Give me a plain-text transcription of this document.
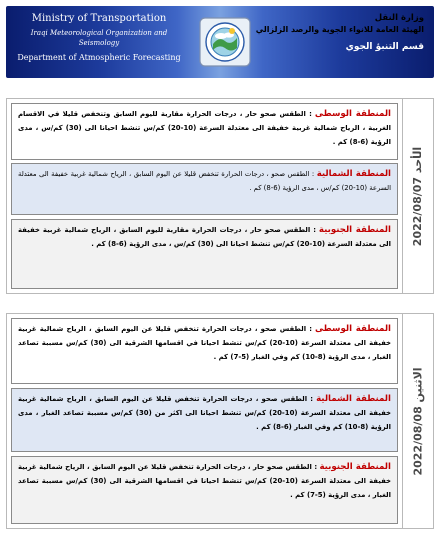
Ministry of Transportation
Iraqi Meteorological Organization and Seismology
Department of Atmospheric Forecasting
وزارة النقل
الهيئة العامة للانواء الجوية والرصد الزلزالي
قسم التنبؤ الجوي
الأحد 2022/08/07
المنطقة الوسطى : الطقس صحو حار ، درجات الحرارة مقاربة لليوم السابق وتنخفض قليلا في الاقسام الغربية ، الرياح شمالية غربية خفيفة الى معتدلة السرعة (10-20) كم/س تنشط احيانا الى (30) كم/س ، مدى الرؤية (6-8) كم .
المنطقة الشمالية : الطقس صحو ، درجات الحرارة تنخفض قليلا عن اليوم السابق ، الرياح شمالية غربية خفيفة الى معتدلة السرعة (10-20) كم/س ، مدى الرؤية (6-8) كم .
المنطقة الجنوبية : الطقس صحو حار ، درجات الحرارة مقاربة لليوم السابق ، الرياح شمالية غربية خفيفة الى معتدلة السرعة (10-20) كم/س تنشط احيانا الى (30) كم/س ، مدى الرؤية (6-8) كم .
الاثنين 2022/08/08
المنطقة الوسطى : الطقس صحو ، درجات الحرارة تنخفض قليلا عن اليوم السابق ، الرياح شمالية غربية خفيفة الى معتدلة السرعة (10-20) كم/س تنشط احيانا في اقسامها الشرقية الى (30) كم/س مسببة تصاعد الغبار ، مدى الرؤية (8-10) كم وفي الغبار (5-7) كم .
المنطقة الشمالية : الطقس صحو ، درجات الحرارة تنخفض قليلا عن اليوم السابق ، الرياح شمالية غربية خفيفة الى معتدلة السرعة (10-20) كم/س تنشط احيانا الى اكثر من (30) كم/س مسببة تصاعد الغبار ، مدى الرؤية (8-10) كم وفي الغبار (6-8) كم .
المنطقة الجنوبية : الطقس صحو حار ، درجات الحرارة تنخفض قليلا عن اليوم السابق ، الرياح شمالية غربية خفيفة الى معتدلة السرعة (10-20) كم/س تنشط احيانا في اقسامها الشرقية الى (30) كم/س مسببة تصاعد الغبار ، مدى الرؤية (5-7) كم .
